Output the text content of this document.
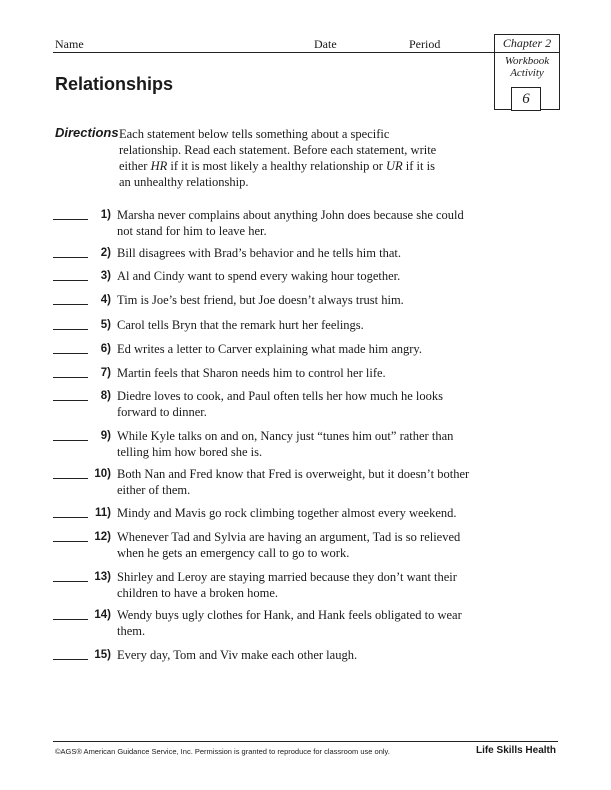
Name	Date	Period	Chapter 2
Workbook
Activity
6
Relationships
Directions Each statement below tells something about a specific relationship. Read each statement. Before each statement, write either HR if it is most likely a healthy relationship or UR if it is an unhealthy relationship.
1) Marsha never complains about anything John does because she could not stand for him to leave her.
2) Bill disagrees with Brad’s behavior and he tells him that.
3) Al and Cindy want to spend every waking hour together.
4) Tim is Joe’s best friend, but Joe doesn’t always trust him.
5) Carol tells Bryn that the remark hurt her feelings.
6) Ed writes a letter to Carver explaining what made him angry.
7) Martin feels that Sharon needs him to control her life.
8) Diedre loves to cook, and Paul often tells her how much he looks forward to dinner.
9) While Kyle talks on and on, Nancy just “tunes him out” rather than telling him how bored she is.
10) Both Nan and Fred know that Fred is overweight, but it doesn’t bother either of them.
11) Mindy and Mavis go rock climbing together almost every weekend.
12) Whenever Tad and Sylvia are having an argument, Tad is so relieved when he gets an emergency call to go to work.
13) Shirley and Leroy are staying married because they don’t want their children to have a broken home.
14) Wendy buys ugly clothes for Hank, and Hank feels obligated to wear them.
15) Every day, Tom and Viv make each other laugh.
©AGS® American Guidance Service, Inc. Permission is granted to reproduce for classroom use only.	Life Skills Health
